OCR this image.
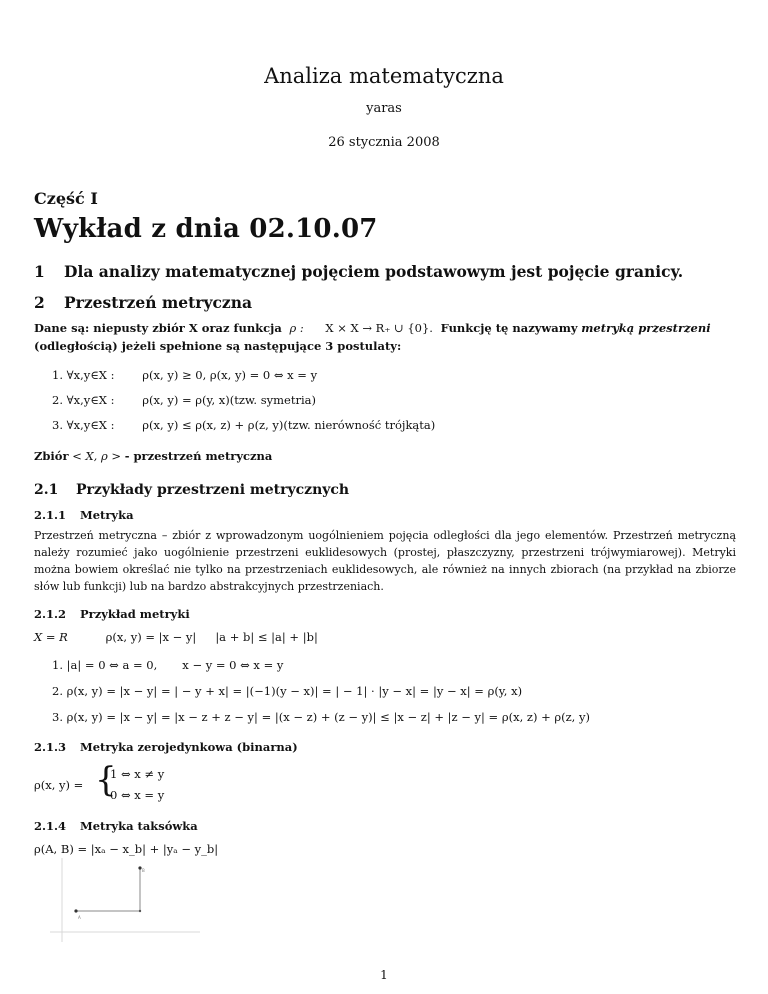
Analiza matematyczna
yaras
26 stycznia 2008
Część I
Wykład z dnia 02.10.07
1 Dla analizy matematycznej pojęciem podstawowym jest pojęcie granicy.
2 Przestrzeń metryczna
Dane są: niepusty zbiór X oraz funkcja ρ : X × X → R₊ ∪ {0}. Funkcję tę nazywamy metryką przestrzeni
(odległością) jeżeli spełnione są następujące 3 postulaty:
1. ∀x,y∈X : ρ(x, y) ≥ 0, ρ(x, y) = 0 ⇔ x = y
2. ∀x,y∈X : ρ(x, y) = ρ(y, x)(tzw. symetria)
3. ∀x,y∈X : ρ(x, y) ≤ ρ(x, z) + ρ(z, y)(tzw. nierówność trójkąta)
Zbiór < X, ρ > - przestrzeń metryczna
2.1 Przykłady przestrzeni metrycznych
2.1.1 Metryka
Przestrzeń metryczna – zbiór z wprowadzonym uogólnieniem pojęcia odległości dla jego elementów. Przestrzeń metryczną należy rozumieć jako uogólnienie przestrzeni euklidesowych (prostej, płaszczyzny, przestrzeni trójwymiarowej). Metryki można bowiem określać nie tylko na przestrzeniach euklidesowych, ale również na innych zbiorach (na przykład na zbiorze słów lub funkcji) lub na bardzo abstrakcyjnych przestrzeniach.
2.1.2 Przykład metryki
X = R	ρ(x, y) = |x − y| |a + b| ≤ |a| + |b|
1. |a| = 0 ⇔ a = 0, x − y = 0 ⇔ x = y
2. ρ(x, y) = |x − y| = | − y + x| = |(−1)(y − x)| = | − 1| · |y − x| = |y − x| = ρ(y, x)
3. ρ(x, y) = |x − y| = |x − z + z − y| = |(x − z) + (z − y)| ≤ |x − z| + |z − y| = ρ(x, z) + ρ(z, y)
2.1.3 Metryka zerojedynkowa (binarna)
ρ(x, y) = {
1 ⇔ x ≠ y
0 ⇔ x = y
2.1.4 Metryka taksówka
ρ(A, B) = |xₐ − x_b| + |yₐ − y_b|
A
B
1
